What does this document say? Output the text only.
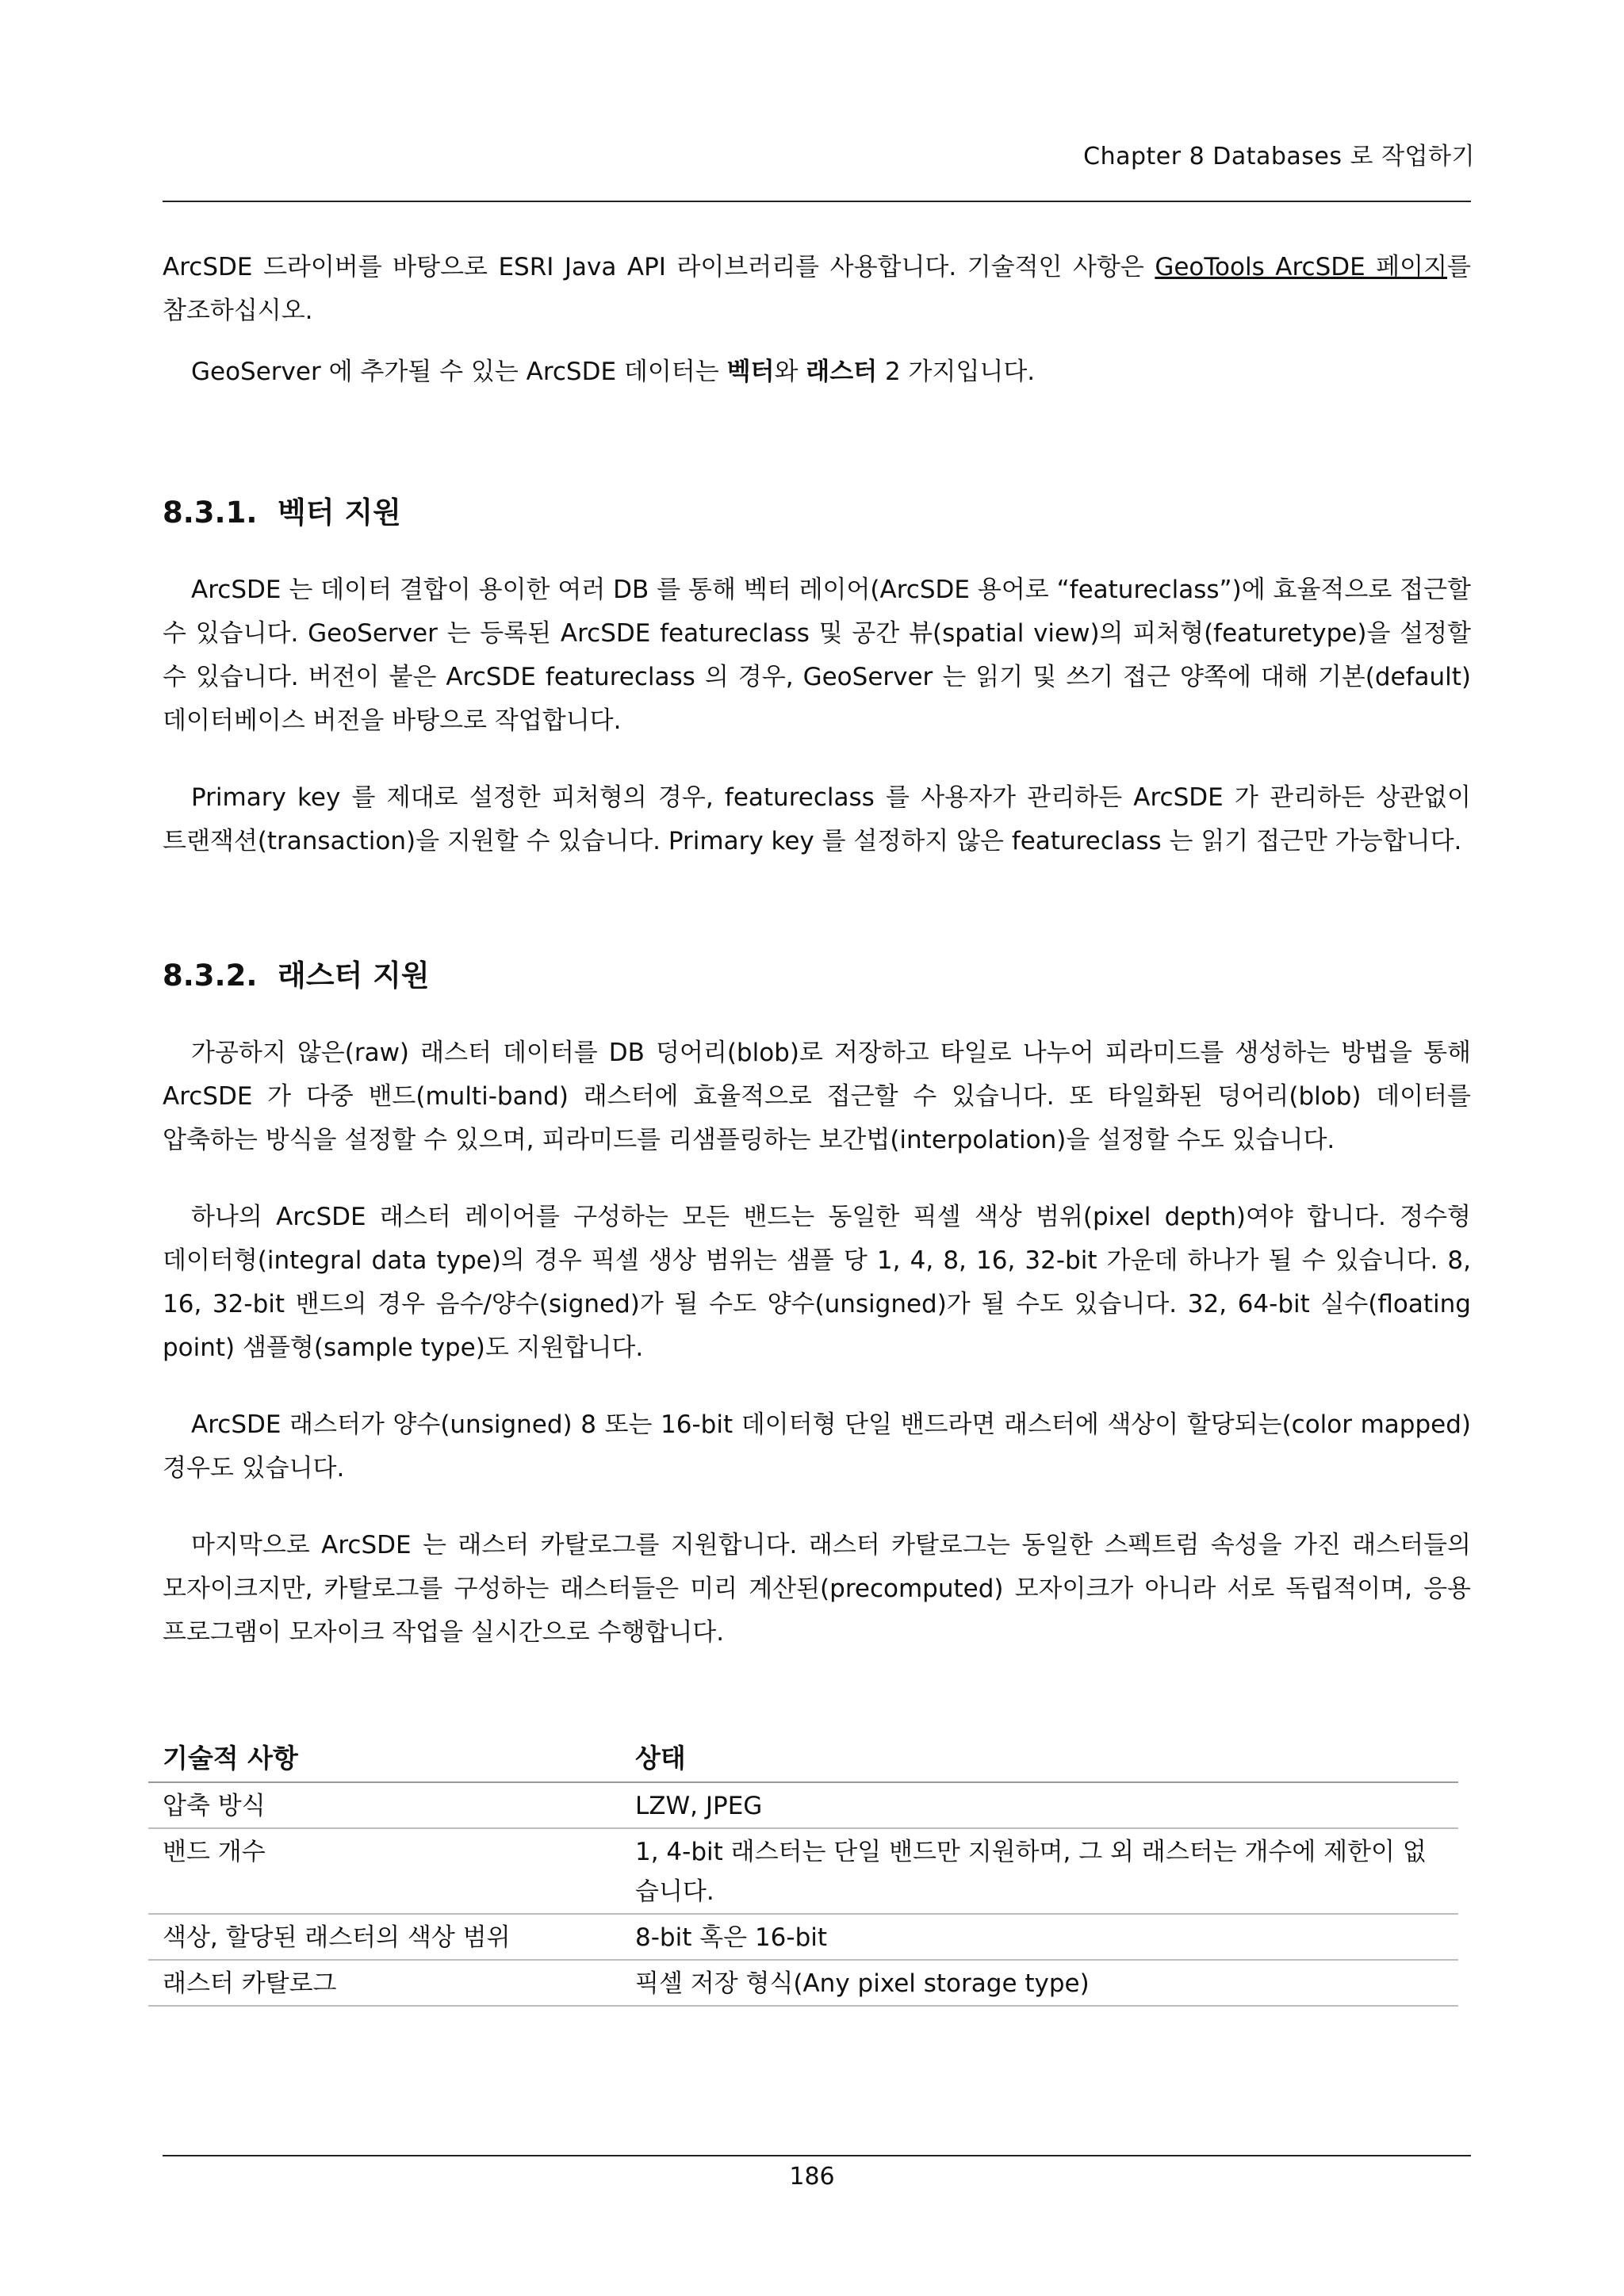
Chapter 8 Databases 로 작업하기

ArcSDE 드라이버를 바탕으로 ESRI Java API 라이브러리를 사용합니다. 기술적인 사항은 GeoTools ArcSDE 페이지를 참조하십시오.

GeoServer 에 추가될 수 있는 ArcSDE 데이터는 벡터와 래스터 2 가지입니다.

8.3.1. 벡터 지원

ArcSDE 는 데이터 결합이 용이한 여러 DB 를 통해 벡터 레이어(ArcSDE 용어로 “featureclass”)에 효율적으로 접근할 수 있습니다. GeoServer 는 등록된 ArcSDE featureclass 및 공간 뷰(spatial view)의 피처형(featuretype)을 설정할 수 있습니다. 버전이 붙은 ArcSDE featureclass 의 경우, GeoServer 는 읽기 및 쓰기 접근 양쪽에 대해 기본(default) 데이터베이스 버전을 바탕으로 작업합니다.

Primary key 를 제대로 설정한 피처형의 경우, featureclass 를 사용자가 관리하든 ArcSDE 가 관리하든 상관없이 트랜잭션(transaction)을 지원할 수 있습니다. Primary key 를 설정하지 않은 featureclass 는 읽기 접근만 가능합니다.

8.3.2. 래스터 지원

가공하지 않은(raw) 래스터 데이터를 DB 덩어리(blob)로 저장하고 타일로 나누어 피라미드를 생성하는 방법을 통해 ArcSDE 가 다중 밴드(multi-band) 래스터에 효율적으로 접근할 수 있습니다. 또 타일화된 덩어리(blob) 데이터를 압축하는 방식을 설정할 수 있으며, 피라미드를 리샘플링하는 보간법(interpolation)을 설정할 수도 있습니다.

하나의 ArcSDE 래스터 레이어를 구성하는 모든 밴드는 동일한 픽셀 색상 범위(pixel depth)여야 합니다. 정수형 데이터형(integral data type)의 경우 픽셀 생상 범위는 샘플 당 1, 4, 8, 16, 32-bit 가운데 하나가 될 수 있습니다. 8, 16, 32-bit 밴드의 경우 음수/양수(signed)가 될 수도 양수(unsigned)가 될 수도 있습니다. 32, 64-bit 실수(floating point) 샘플형(sample type)도 지원합니다.

ArcSDE 래스터가 양수(unsigned) 8 또는 16-bit 데이터형 단일 밴드라면 래스터에 색상이 할당되는(color mapped) 경우도 있습니다.

마지막으로 ArcSDE 는 래스터 카탈로그를 지원합니다. 래스터 카탈로그는 동일한 스펙트럼 속성을 가진 래스터들의 모자이크지만, 카탈로그를 구성하는 래스터들은 미리 계산된(precomputed) 모자이크가 아니라 서로 독립적이며, 응용 프로그램이 모자이크 작업을 실시간으로 수행합니다.

기술적 사항	상태
압축 방식	LZW, JPEG
밴드 개수	1, 4-bit 래스터는 단일 밴드만 지원하며, 그 외 래스터는 개수에 제한이 없습니다.
색상, 할당된 래스터의 색상 범위	8-bit 혹은 16-bit
래스터 카탈로그	픽셀 저장 형식(Any pixel storage type)
186
